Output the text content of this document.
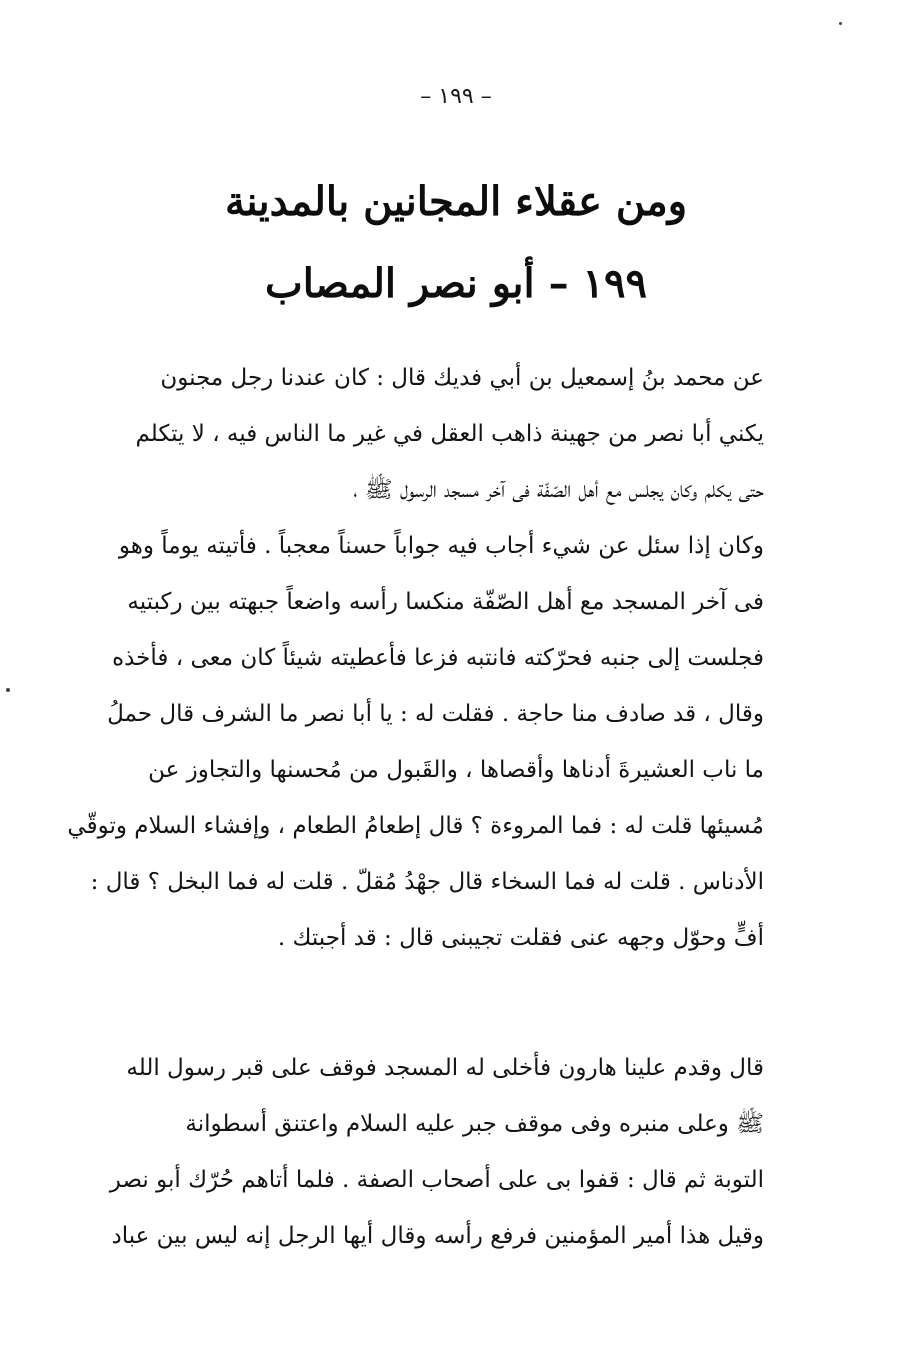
– ١٩٩ –
ومن عقلاء المجانين بالمدينة
١٩٩ – أبو نصر المصاب
عن محمد بنُ إسمعيل بن أبي فديك قال : كان عندنا رجل مجنون
يكني أبا نصر من جهينة ذاهب العقل في غير ما الناس فيه ، لا يتكلم
حتى يكلم وكان يجلس مع أهل الصّفّة فى آخر مسجد الرسول ﷺ ،
وكان إذا سئل عن شيء أجاب فيه جواباً حسناً معجباً . فأتيته يوماً وهو
فى آخر المسجد مع أهل الصّفّة منكسا رأسه واضعاً جبهته بين ركبتيه
فجلست إلى جنبه فحرّكته فانتبه فزعا فأعطيته شيئاً كان معى ، فأخذه
وقال ، قد صادف منا حاجة . فقلت له : يا أبا نصر ما الشرف قال حملُ
ما ناب العشيرةَ أدناها وأقصاها ، والقَبول من مُحسنها والتجاوز عن
مُسيئها قلت له : فما المروءة ؟ قال إطعامُ الطعام ، وإفشاء السلام وتوقّي
الأدناس . قلت له فما السخاء قال جهْدُ مُقلّ . قلت له فما البخل ؟ قال :
أفٍّ وحوّل وجهه عنى فقلت تجيبنى قال : قد أجبتك .
قال وقدم علينا هارون فأخلى له المسجد فوقف على قبر رسول الله
ﷺ وعلى منبره وفى موقف جبر عليه السلام واعتنق أسطوانة
التوبة ثم قال : قفوا بى على أصحاب الصفة . فلما أتاهم حُرّك أبو نصر
وقيل هذا أمير المؤمنين فرفع رأسه وقال أيها الرجل إنه ليس بين عباد
